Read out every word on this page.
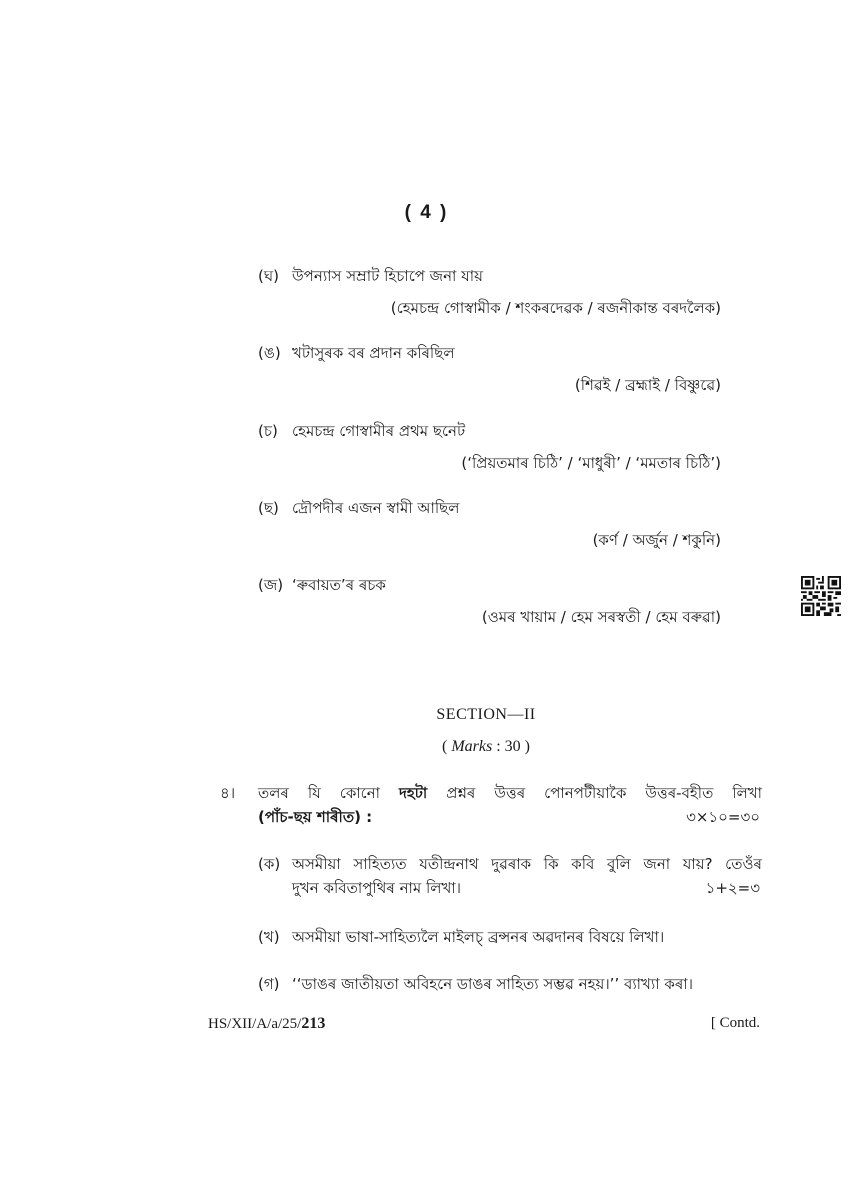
( 4 )
(ঘ) উপন্যাস সম্রাট হিচাপে জনা যায়
(হেমচন্দ্ৰ গোস্বামীক / শংকৰদেৱক / ৰজনীকান্ত বৰদলৈক)
(ঙ) খটাসুৰক বৰ প্ৰদান কৰিছিল
(শিৱই / ব্ৰহ্মাই / বিষ্ণুৱে)
(চ) হেমচন্দ্ৰ গোস্বামীৰ প্ৰথম ছনেট
(‘প্ৰিয়তমাৰ চিঠি’ / ‘মাধুৰী’ / ‘মমতাৰ চিঠি’)
(ছ) দ্ৰৌপদীৰ এজন স্বামী আছিল
(কৰ্ণ / অৰ্জুন / শকুনি)
(জ) ‘ৰুবায়ত’ৰ ৰচক
(ওমৰ খায়াম / হেম সৰস্বতী / হেম বৰুৱা)
SECTION—II
( Marks : 30 )
৪। তলৰ যি কোনো দহটা প্ৰশ্নৰ উত্তৰ পোনপটীয়াকৈ উত্তৰ-বহীত লিখা
(পাঁচ-ছয় শাৰীত) :	৩×১০=৩০
(ক) অসমীয়া সাহিত্যত যতীন্দ্ৰনাথ দুৱৰাক কি কবি বুলি জনা যায়? তেওঁৰ
দুখন কবিতাপুথিৰ নাম লিখা।	১+২=৩
(খ) অসমীয়া ভাষা-সাহিত্যলৈ মাইলচ্ ব্ৰন্সনৰ অৱদানৰ বিষয়ে লিখা।
(গ) ‘‘ডাঙৰ জাতীয়তা অবিহনে ডাঙৰ সাহিত্য সম্ভৱ নহয়।’’ ব্যাখ্যা কৰা।
HS/XII/A/a/25/213	[ Contd.
